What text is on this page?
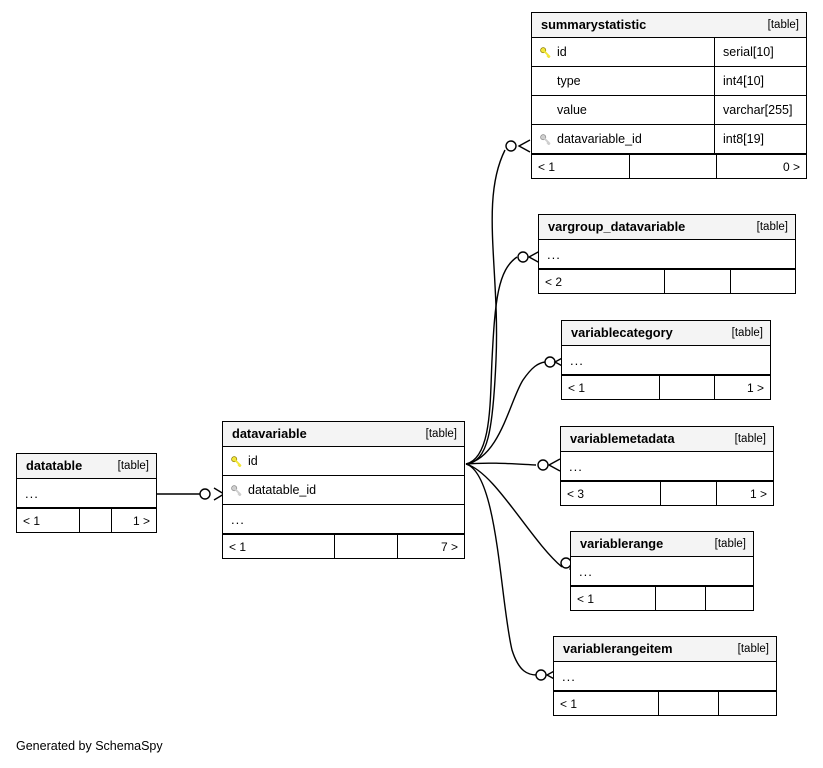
summarystatistic	[table]
id	serial[10]
type	int4[10]
value	varchar[255]
datavariable_id	int8[19]
< 1	0 >
vargroup_datavariable	[table]
...
< 2
variablecategory	[table]
...
< 1	1 >
variablemetadata	[table]
...
< 3	1 >
variablerange	[table]
...
< 1
variablerangeitem	[table]
...
< 1
datavariable	[table]
id
datatable_id
...
< 1	7 >
datatable	[table]
...
< 1	1 >
Generated by SchemaSpy
